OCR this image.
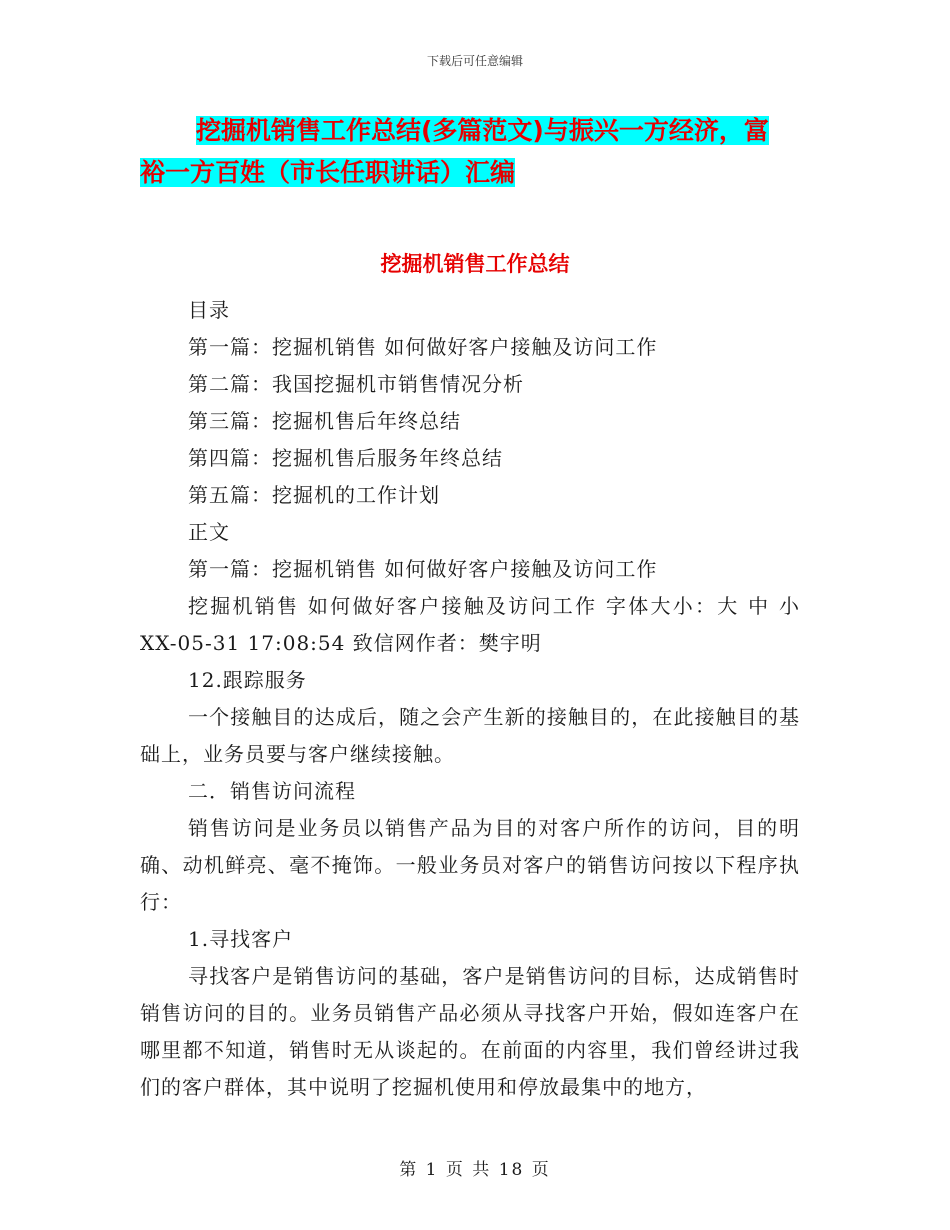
下载后可任意编辑
挖掘机销售工作总结(多篇范文)与振兴一方经济，富
裕一方百姓（市长任职讲话）汇编
挖掘机销售工作总结

目录

第一篇：挖掘机销售 如何做好客户接触及访问工作

第二篇：我国挖掘机市销售情况分析

第三篇：挖掘机售后年终总结

第四篇：挖掘机售后服务年终总结

第五篇：挖掘机的工作计划

正文

第一篇：挖掘机销售 如何做好客户接触及访问工作

挖掘机销售 如何做好客户接触及访问工作 字体大小：大 中 小 XX-05-31 17:08:54 致信网作者：樊宇明

12.跟踪服务

一个接触目的达成后，随之会产生新的接触目的，在此接触目的基础上，业务员要与客户继续接触。

二．销售访问流程

销售访问是业务员以销售产品为目的对客户所作的访问，目的明确、动机鲜亮、毫不掩饰。一般业务员对客户的销售访问按以下程序执行：

1.寻找客户

寻找客户是销售访问的基础，客户是销售访问的目标，达成销售时销售访问的目的。业务员销售产品必须从寻找客户开始，假如连客户在哪里都不知道，销售时无从谈起的。在前面的内容里，我们曾经讲过我们的客户群体，其中说明了挖掘机使用和停放最集中的地方，

第 1 页 共 18 页
